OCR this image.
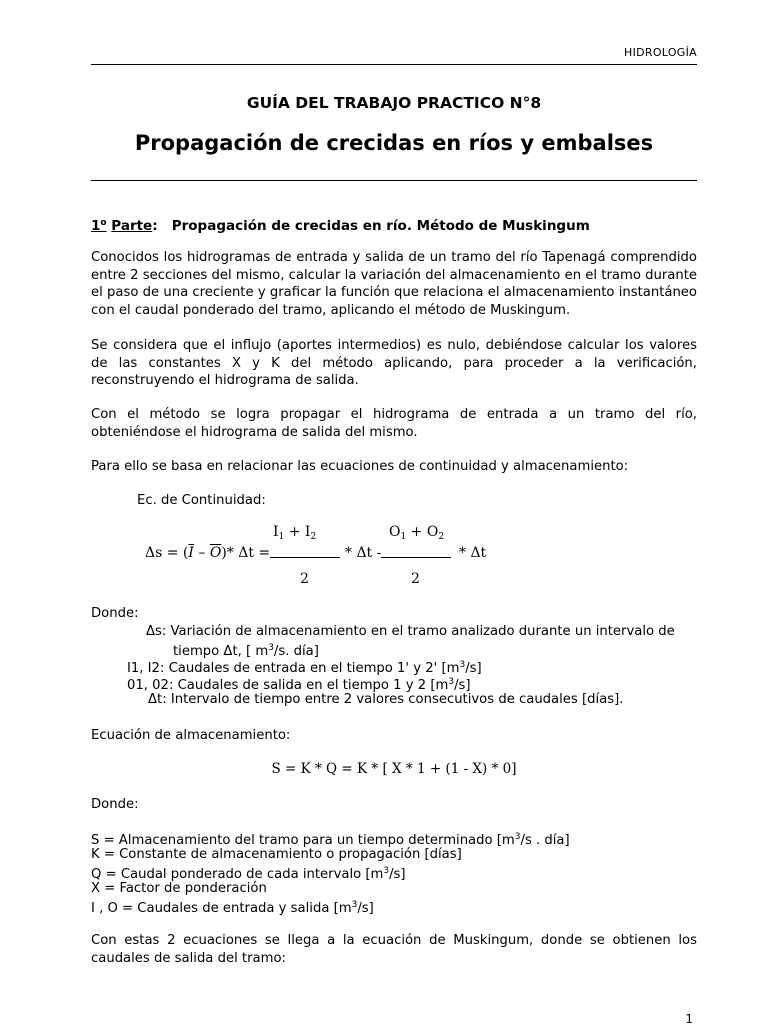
HIDROLOGÍA
GUÍA DEL TRABAJO PRACTICO N°8
Propagación de crecidas en ríos y embalses
1$^o$ Parte: Propagación de crecidas en río. Método de Muskingum
Conocidos los hidrogramas de entrada y salida de un tramo del río Tapenagá comprendido entre 2 secciones del mismo, calcular la variación del almacenamiento en el tramo durante el paso de una creciente y graficar la función que relaciona el almacenamiento instantáneo con el caudal ponderado del tramo, aplicando el método de Muskingum.
Se considera que el influjo (aportes intermedios) es nulo, debiéndose calcular los valores de las constantes X y K del método aplicando, para proceder a la verificación, reconstruyendo el hidrograma de salida.
Con el método se logra propagar el hidrograma de entrada a un tramo del río, obteniéndose el hidrograma de salida del mismo.
Para ello se basa en relacionar las ecuaciones de continuidad y almacenamiento:
Ec. de Continuidad:
$\Delta s = (\overline{I} - \overline{O})*$ Δt =
$I_1 + I_2$
2
* Δt -
$O_1 + O_2$
2
* Δt
Donde:
Δs: Variación de almacenamiento en el tramo analizado durante un intervalo de
tiempo Δt, [ $m^3/s$. día]
I1, I2: Caudales de entrada en el tiempo 1' y 2' $[m^3/s]$
01, 02: Caudales de salida en el tiempo 1 y 2 $[m^3/s]$
Δt: Intervalo de tiempo entre 2 valores consecutivos de caudales [días].
Ecuación de almacenamiento:
S = K * Q = K * [ X * 1 + (1 - X) * 0]
Donde:
S = Almacenamiento del tramo para un tiempo determinado [$m^3/s$ . día]
K = Constante de almacenamiento o propagación [días]
Q = Caudal ponderado de cada intervalo $[m^3/s]$
X = Factor de ponderación
I , O = Caudales de entrada y salida $[m^3/s]$
Con estas 2 ecuaciones se llega a la ecuación de Muskingum, donde se obtienen los caudales de salida del tramo:
1
